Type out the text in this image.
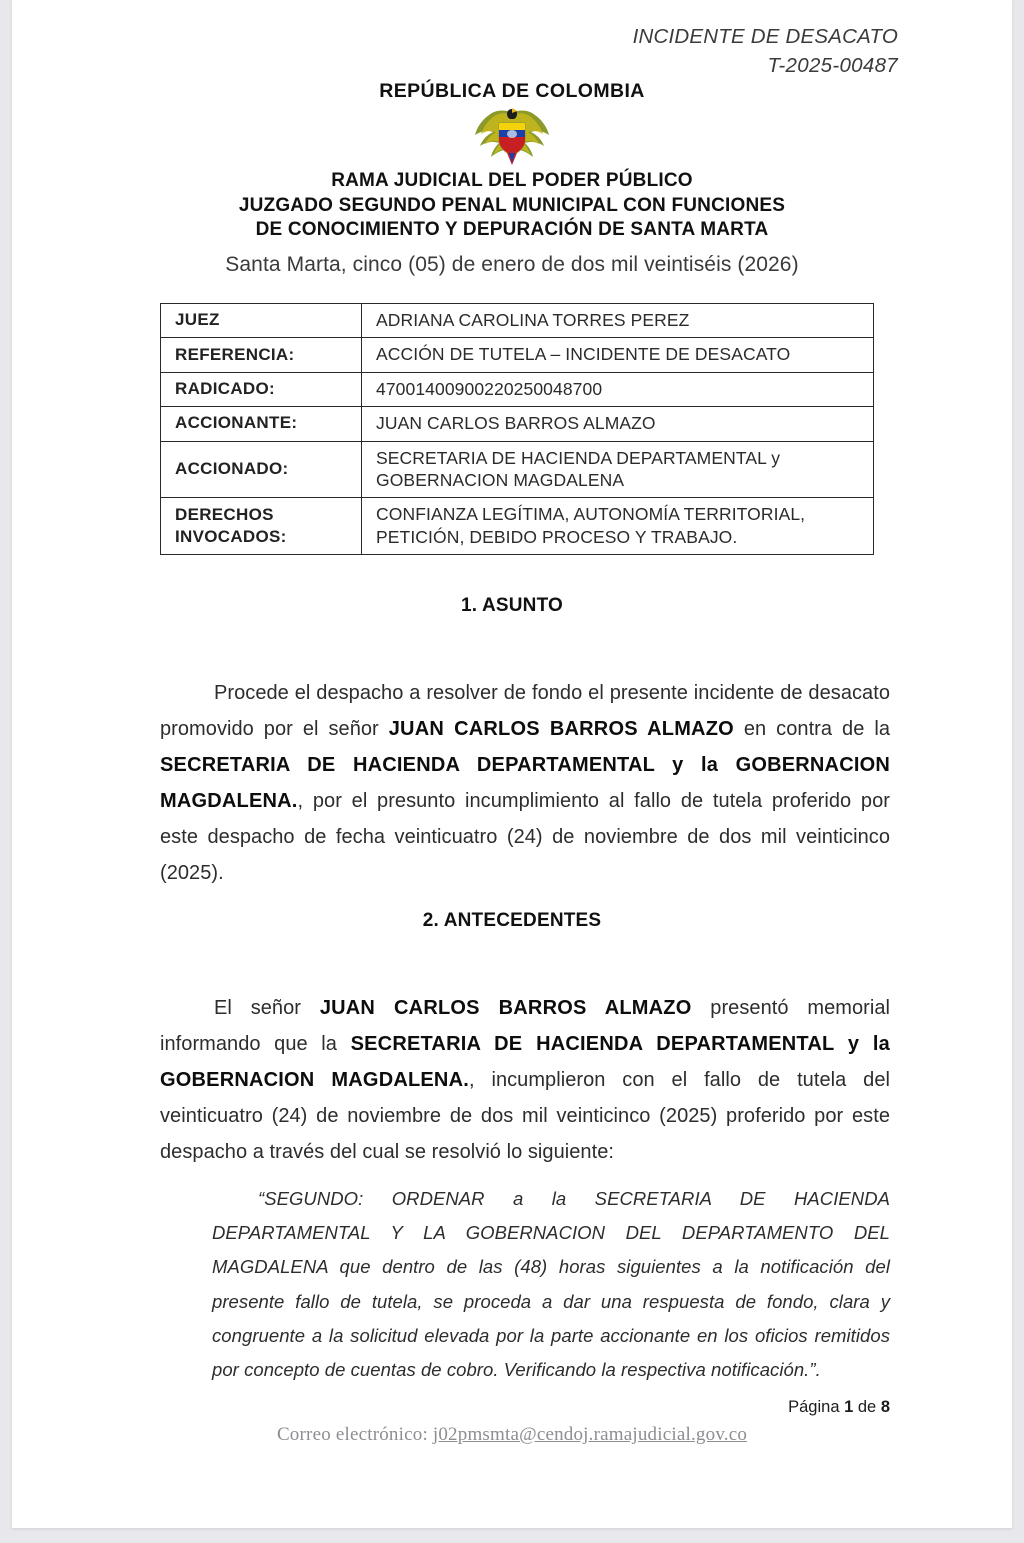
INCIDENTE DE DESACATO
T-2025-00487

REPÚBLICA DE COLOMBIA

RAMA JUDICIAL DEL PODER PÚBLICO
JUZGADO SEGUNDO PENAL MUNICIPAL CON FUNCIONES
DE CONOCIMIENTO Y DEPURACIÓN DE SANTA MARTA
Santa Marta, cinco (05) de enero de dos mil veintiséis (2026)
JUEZ	ADRIANA CAROLINA TORRES PEREZ
REFERENCIA:	ACCIÓN DE TUTELA – INCIDENTE DE DESACATO
RADICADO:	47001400900220250048700
ACCIONANTE:	JUAN CARLOS BARROS ALMAZO
ACCIONADO:	SECRETARIA DE HACIENDA DEPARTAMENTAL y GOBERNACION MAGDALENA
DERECHOS INVOCADOS:	CONFIANZA LEGÍTIMA, AUTONOMÍA TERRITORIAL, PETICIÓN, DEBIDO PROCESO Y TRABAJO.
1. ASUNTO

Procede el despacho a resolver de fondo el presente incidente de desacato promovido por el señor JUAN CARLOS BARROS ALMAZO en contra de la SECRETARIA DE HACIENDA DEPARTAMENTAL y la GOBERNACION MAGDALENA., por el presunto incumplimiento al fallo de tutela proferido por este despacho de fecha veinticuatro (24) de noviembre de dos mil veinticinco (2025).

2. ANTECEDENTES

El señor JUAN CARLOS BARROS ALMAZO presentó memorial informando que la SECRETARIA DE HACIENDA DEPARTAMENTAL y la GOBERNACION MAGDALENA., incumplieron con el fallo de tutela del veinticuatro (24) de noviembre de dos mil veinticinco (2025) proferido por este despacho a través del cual se resolvió lo siguiente:

“SEGUNDO: ORDENAR a la SECRETARIA DE HACIENDA DEPARTAMENTAL Y LA GOBERNACION DEL DEPARTAMENTO DEL MAGDALENA que dentro de las (48) horas siguientes a la notificación del presente fallo de tutela, se proceda a dar una respuesta de fondo, clara y congruente a la solicitud elevada por la parte accionante en los oficios remitidos por concepto de cuentas de cobro. Verificando la respectiva notificación.”.
Página 1 de 8
Correo electrónico: j02pmsmta@cendoj.ramajudicial.gov.co
